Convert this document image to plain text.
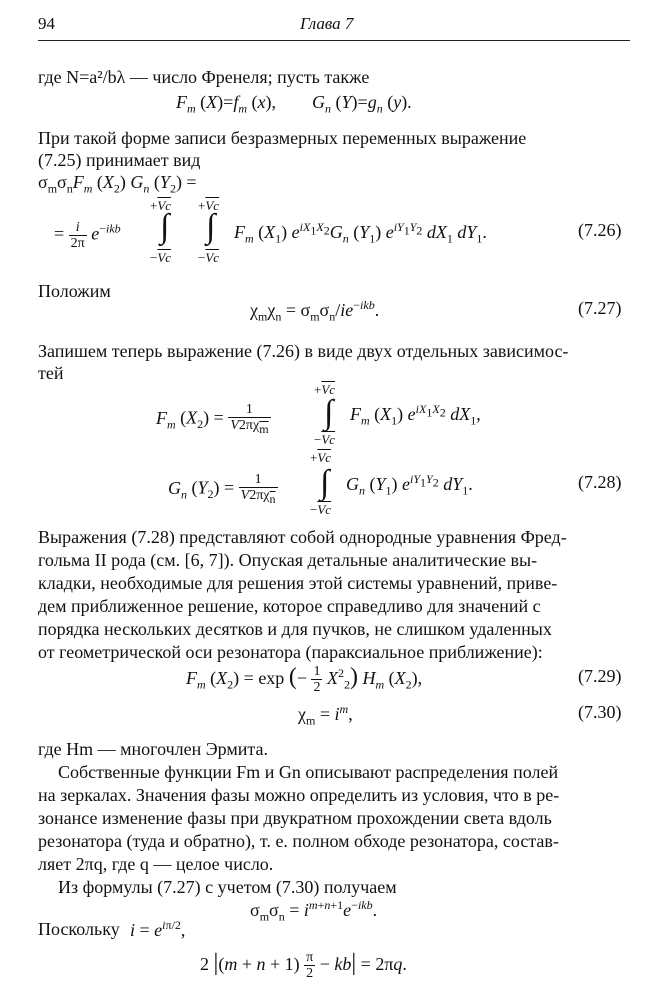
94	Глава 7
где N=a²/bλ — число Френеля; пусть также
$F_m$ $(X)=f_m$ (x),        $G_n$ $(Y)=g_n$ (y).
При такой форме записи безразмерных переменных выражение
(7.25) принимает вид
$\sigma_m\sigma_nF_m$ $(X_2)$ $G_n$ $(Y_2)$ =
$+\overline{Vc} +\overline{Vc}$
= $\frac{i}{2\pi} e^{-ikb}$ ∫ ∫ $F_m$ $(X_1)$ $e^{iX_1X_2}G_n$ $(Y_1)$ $e^{iY_1Y_2}$ $dX_1$ $dY_1$.
$-\overline{Vc} -\overline{Vc}$
(7.26)
Положим
$\chi_m\chi_n = \sigma_m\sigma_n/ie^{-ikb}$.	(7.27)
Запишем теперь выражение (7.26) в виде двух отдельных зависимос-
тей
$+\overline{Vc}$
$F_m$ $(X_2) = \frac{1}{V2\pi\chi_m}$ ∫ $F_m$ $(X_1)$ $e^{iX_1X_2}$ $dX_1$,
$-\overline{Vc}$
$+\overline{Vc}$
$G_n$ $(Y_2) = \frac{1}{V2\pi\chi_n}$ ∫ $G_n$ $(Y_1)$ $e^{iY_1Y_2}$ $dY_1$.
$-\overline{Vc}$
(7.28)
Выражения (7.28) представляют собой однородные уравнения Фред-
гольма II рода (см. [6, 7]). Опуская детальные аналитические вы-
кладки, необходимые для решения этой системы уравнений, приве-
дем приближенное решение, которое справедливо для значений c
порядка нескольких десятков и для пучков, не слишком удаленных
от геометрической оси резонатора (параксиальное приближение):
$F_m$ $(X_2) = \exp$ (− $\frac{1}{2} X^2_2$) $H_m$ $(X_2)$,	(7.29)
$\chi_m = i^m$,	(7.30)
где Hm — многочлен Эрмита.
Собственные функции Fm и Gn описывают распределения полей
на зеркалах. Значения фазы можно определить из условия, что в ре-
зонансе изменение фазы при двукратном прохождении света вдоль
резонатора (туда и обратно), т. е. полном обходе резонатора, состав-
ляет 2πq, где q — целое число.
Из формулы (7.27) с учетом (7.30) получаем
$\sigma_m\sigma_n = i^{m+n+1}e^{-ikb}$.
Поскольку $i = e^{i\pi/2}$,
2 $|(m + n + 1) \frac{\pi}{2} - kb| = 2\pi q$.
